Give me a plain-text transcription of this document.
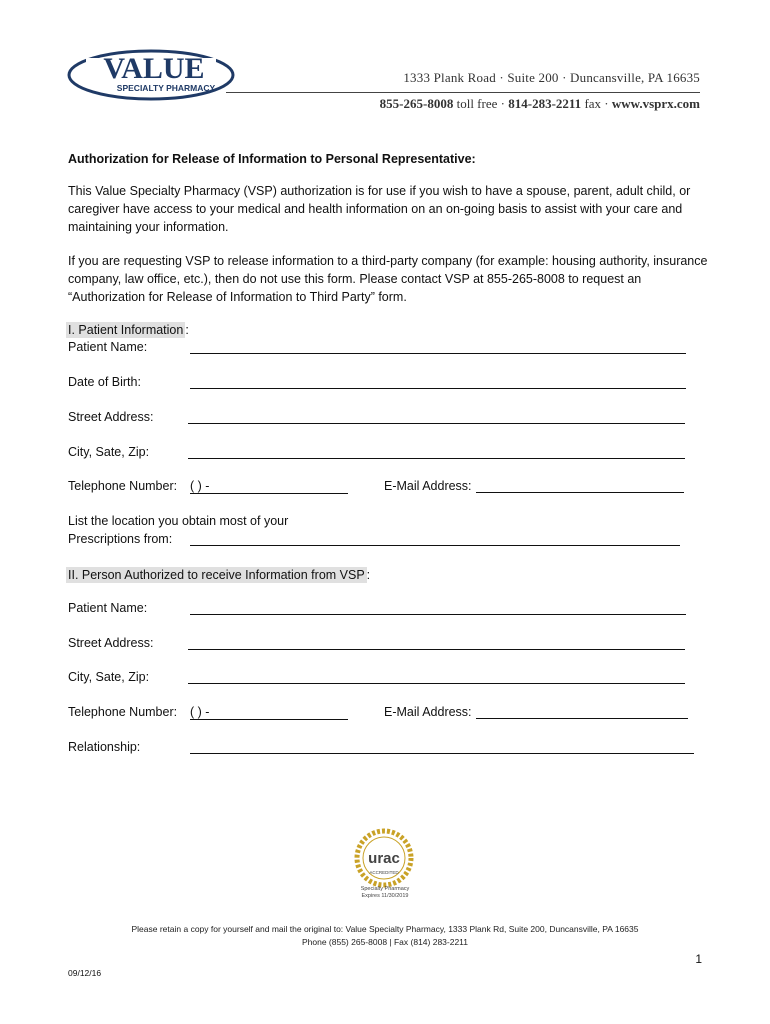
VALUE
SPECIALTY PHARMACY
1333 Plank Road · Suite 200 · Duncansville, PA 16635
855-265-8008 toll free · 814-283-2211 fax · www.vsprx.com
Authorization for Release of Information to Personal Representative:
This Value Specialty Pharmacy (VSP) authorization is for use if you wish to have a spouse, parent, adult child, or caregiver have access to your medical and health information on an on-going basis to assist with your care and maintaining your information.
If you are requesting VSP to release information to a third-party company (for example: housing authority, insurance company, law office, etc.), then do not use this form. Please contact VSP at 855-265-8008 to request an “Authorization for Release of Information to Third Party” form.
I. Patient Information :
Patient Name:
Date of Birth:
Street Address:
City, Sate, Zip:
Telephone Number: ( ) -	E-Mail Address:
List the location you obtain most of your
Prescriptions from:
II. Person Authorized to receive Information from VSP :
Patient Name:
Street Address:
City, Sate, Zip:
Telephone Number: ( ) -	E-Mail Address:
Relationship:
urac
ACCREDITED
Specialty Pharmacy
Expires 11/30/2019
Please retain a copy for yourself and mail the original to: Value Specialty Pharmacy, 1333 Plank Rd, Suite 200, Duncansville, PA 16635
Phone (855) 265-8008 | Fax (814) 283-2211
1
09/12/16
